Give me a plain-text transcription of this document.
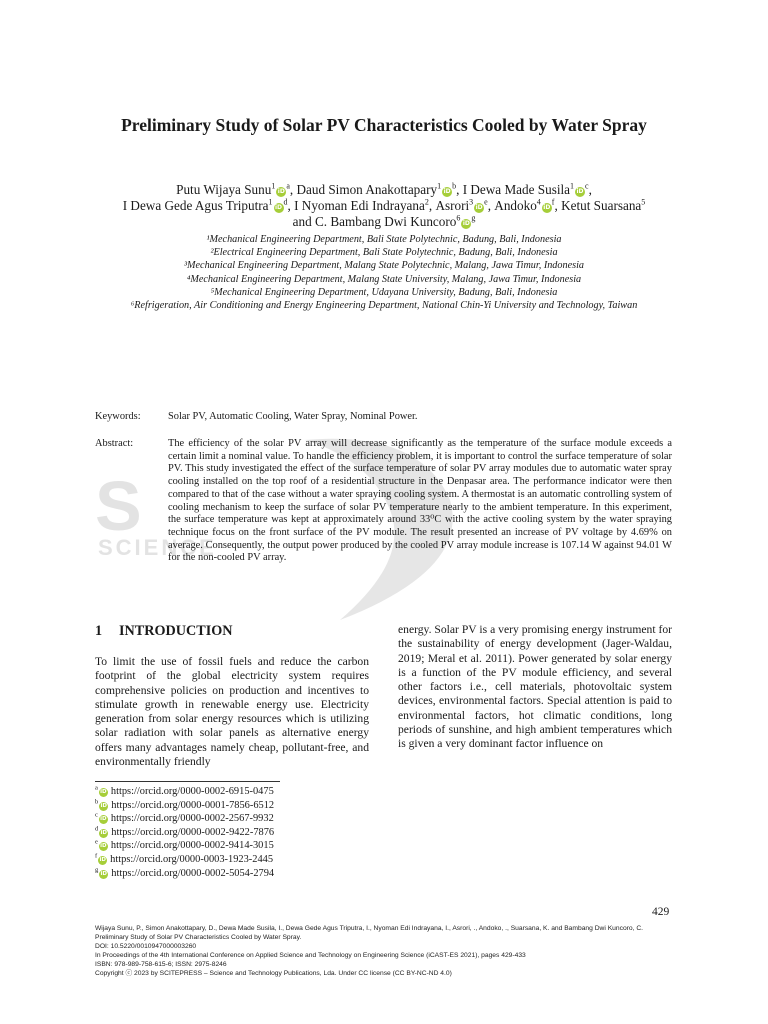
S
SCIENCE
Preliminary Study of Solar PV Characteristics Cooled by Water Spray
Putu Wijaya $Sunu^1iD^a$, Daud Simon $Anakottapary^1iD^b$, I Dewa Made $Susila^1iD^c$,
I Dewa Gede Agus $Triputra^1iD^d$, I Nyoman Edi Indrayana$^2$, $Asrori^3iD^e$, $Andoko^4iD^f$, Ketut Suarsana$^5$
and C. Bambang Dwi $Kuncoro^6iD^g$
¹Mechanical Engineering Department, Bali State Polytechnic, Badung, Bali, Indonesia
²Electrical Engineering Department, Bali State Polytechnic, Badung, Bali, Indonesia
³Mechanical Engineering Department, Malang State Polytechnic, Malang, Jawa Timur, Indonesia
⁴Mechanical Engineering Department, Malang State University, Malang, Jawa Timur, Indonesia
⁵Mechanical Engineering Department, Udayana University, Badung, Bali, Indonesia
⁶Refrigeration, Air Conditioning and Energy Engineering Department, National Chin-Yi University and Technology, Taiwan
Keywords:	Solar PV, Automatic Cooling, Water Spray, Nominal Power.
Abstract:	The efficiency of the solar PV array will decrease significantly as the temperature of the surface module exceeds a certain limit a nominal value. To handle the efficiency problem, it is important to control the surface temperature of solar PV. This study investigated the effect of the surface temperature of solar PV array modules due to automatic water spray cooling installed on the top roof of a residential structure in the Denpasar area. The performance indicator were then compared to that of the case without a water spraying cooling system. A thermostat is an automatic controlling system of cooling mechanism to keep the surface of solar PV temperature nearly to the ambient temperature. In this experiment, the surface temperature was kept at approximately around 33⁰C with the active cooling system by the water spraying technique focus on the front surface of the PV module. The result presented an increase of PV voltage by 4.69% on average. Consequently, the output power produced by the cooled PV array module increase is 107.14 W against 94.01 W for the non-cooled PV array.
1 INTRODUCTION
To limit the use of fossil fuels and reduce the carbon footprint of the global electricity system requires comprehensive policies on production and incentives to stimulate growth in renewable energy use. Electricity generation from solar energy resources which is utilizing solar radiation with solar panels as alternative energy offers many advantages namely cheap, pollutant-free, and environmentally friendly
energy. Solar PV is a very promising energy instrument for the sustainability of energy development (Jager-Waldau, 2019; Meral et al. 2011). Power generated by solar energy is a function of the PV module efficiency, and several other factors i.e., cell materials, photovoltaic system devices, environmental factors. Special attention is paid to environmental factors, hot climatic conditions, long periods of sunshine, and high ambient temperatures which is given a very dominant factor influence on
$^a$iD https://orcid.org/0000-0002-6915-0475
$^b$iD https://orcid.org/0000-0001-7856-6512
$^c$iD https://orcid.org/0000-0002-2567-9932
$^d$iD https://orcid.org/0000-0002-9422-7876
$^e$iD https://orcid.org/0000-0002-9414-3015
$^f$iD https://orcid.org/0000-0003-1923-2445
$^g$iD https://orcid.org/0000-0002-5054-2794
429
Wijaya Sunu, P., Simon Anakottapary, D., Dewa Made Susila, I., Dewa Gede Agus Triputra, I., Nyoman Edi Indrayana, I., Asrori, ., Andoko, ., Suarsana, K. and Bambang Dwi Kuncoro, C.
Preliminary Study of Solar PV Characteristics Cooled by Water Spray.
DOI: 10.5220/0010947000003260
In Proceedings of the 4th International Conference on Applied Science and Technology on Engineering Science (iCAST-ES 2021), pages 429-433
ISBN: 978-989-758-615-6; ISSN: 2975-8246
Copyright ⓒ 2023 by SCITEPRESS – Science and Technology Publications, Lda. Under CC license (CC BY-NC-ND 4.0)
